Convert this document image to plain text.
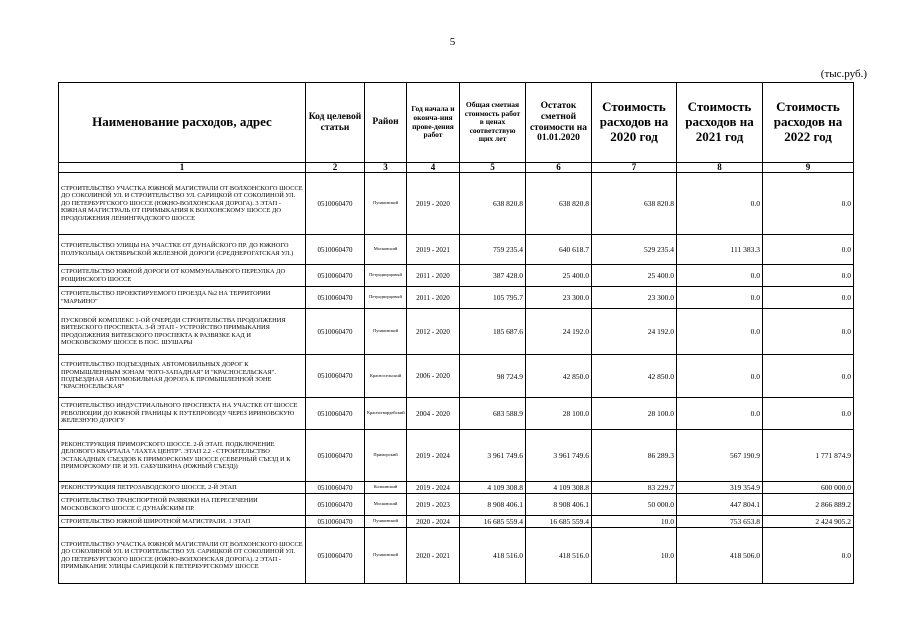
5
(тыс.руб.)
Наименование расходов, адрес	Код целевой статьи	Район	Год начала и оконча-ния прове-дения работ	Общая сметная стоимость работ в ценах соответствую щих лет	Остаток сметной стоимости на 01.01.2020	Стоимость расходов на 2020 год	Стоимость расходов на 2021 год	Стоимость расходов на 2022 год
1	2	3	4	5	6	7	8	9
СТРОИТЕЛЬСТВО УЧАСТКА ЮЖНОЙ МАГИСТРАЛИ ОТ ВОЛХОНСКОГО ШОССЕ ДО СОКОЛИНОЙ УЛ. И СТРОИТЕЛЬСТВО УЛ. САРИЦКОЙ ОТ СОКОЛИНОЙ УЛ. ДО ПЕТЕРБУРГСКОГО ШОССЕ (ЮЖНО-ВОЛХОНСКАЯ ДОРОГА). 3 ЭТАП - ЮЖНАЯ МАГИСТРАЛЬ ОТ ПРИМЫКАНИЯ К ВОЛХОНСКОМУ ШОССЕ ДО ПРОДОЛЖЕНИЯ ЛЕНИНГРАДСКОГО ШОССЕ	0510060470	Пушкинский	2019 - 2020	638 820.8	638 820.8	638 820.8	0.0	0.0
СТРОИТЕЛЬСТВО УЛИЦЫ НА УЧАСТКЕ ОТ ДУНАЙСКОГО ПР. ДО ЮЖНОГО ПОЛУКОЛЬЦА ОКТЯБРЬСКОЙ ЖЕЛЕЗНОЙ ДОРОГИ (СРЕДНЕРОГАТСКАЯ УЛ.)	0510060470	Московский	2019 - 2021	759 235.4	640 618.7	529 235.4	111 383.3	0.0
СТРОИТЕЛЬСТВО ЮЖНОЙ ДОРОГИ ОТ КОММУНАЛЬНОГО ПЕРЕУЛКА ДО РОЩИНСКОГО ШОССЕ	0510060470	Петродворцовый	2011 - 2020	387 428.0	25 400.0	25 400.0	0.0	0.0
СТРОИТЕЛЬСТВО ПРОЕКТИРУЕМОГО ПРОЕЗДА №2 НА ТЕРРИТОРИИ "МАРЬИНО"	0510060470	Петродворцовый	2011 - 2020	105 795.7	23 300.0	23 300.0	0.0	0.0
ПУСКОВОЙ КОМПЛЕКС 1-ОЙ ОЧЕРЕДИ СТРОИТЕЛЬСТВА ПРОДОЛЖЕНИЯ ВИТЕБСКОГО ПРОСПЕКТА. 3-Й ЭТАП - УСТРОЙСТВО ПРИМЫКАНИЯ ПРОДОЛЖЕНИЯ ВИТЕБСКОГО ПРОСПЕКТА К РАЗВЯЗКЕ КАД И МОСКОВСКОМУ ШОССЕ В ПОС. ШУШАРЫ	0510060470	Пушкинский	2012 - 2020	185 687.6	24 192.0	24 192.0	0.0	0.0
СТРОИТЕЛЬСТВО ПОДЪЕЗДНЫХ АВТОМОБИЛЬНЫХ ДОРОГ К ПРОМЫШЛЕННЫМ ЗОНАМ "ЮГО-ЗАПАДНАЯ" И "КРАСНОСЕЛЬСКАЯ". ПОДЪЕЗДНАЯ АВТОМОБИЛЬНАЯ ДОРОГА К ПРОМЫШЛЕННОЙ ЗОНЕ "КРАСНОСЕЛЬСКАЯ"	0510060470	Красносельский	2006 - 2020	98 724.9	42 850.0	42 850.0	0.0	0.0
СТРОИТЕЛЬСТВО ИНДУСТРИАЛЬНОГО ПРОСПЕКТА НА УЧАСТКЕ ОТ ШОССЕ РЕВОЛЮЦИИ ДО ЮЖНОЙ ГРАНИЦЫ К ПУТЕПРОВОДУ ЧЕРЕЗ ИРИНОВСКУЮ ЖЕЛЕЗНУЮ ДОРОГУ	0510060470	Красногвардейский	2004 - 2020	683 588.9	28 100.0	28 100.0	0.0	0.0
РЕКОНСТРУКЦИЯ ПРИМОРСКОГО ШОССЕ. 2-Й ЭТАП. ПОДКЛЮЧЕНИЕ ДЕЛОВОГО КВАРТАЛА "ЛАХТА ЦЕНТР". ЭТАП 2.2 - СТРОИТЕЛЬСТВО ЭСТАКАДНЫХ СЪЕЗДОВ К ПРИМОРСКОМУ ШОССЕ (СЕВЕРНЫЙ СЪЕЗД И К ПРИМОРСКОМУ ПР. И УЛ. САБУШКИНА (ЮЖНЫЙ СЪЕЗД))	0510060470	Приморский	2019 - 2024	3 961 749.6	3 961 749.6	86 289.3	567 190.9	1 771 874.9
РЕКОНСТРУКЦИЯ ПЕТРОЗАВОДСКОГО ШОССЕ. 2-Й ЭТАП	0510060470	Колпинский	2019 - 2024	4 109 308.8	4 109 308.8	83 229.7	319 354.9	600 000.0
СТРОИТЕЛЬСТВО ТРАНСПОРТНОЙ РАЗВЯЗКИ НА ПЕРЕСЕЧЕНИИ МОСКОВСКОГО ШОССЕ С ДУНАЙСКИМ ПР.	0510060470	Московский	2019 - 2023	8 908 406.1	8 908 406.1	50 000.0	447 804.1	2 866 889.2
СТРОИТЕЛЬСТВО ЮЖНОЙ ШИРОТНОЙ МАГИСТРАЛИ. 1 ЭТАП	0510060470	Пушкинский	2020 - 2024	16 685 559.4	16 685 559.4	10.0	753 653.8	2 424 905.2
СТРОИТЕЛЬСТВО УЧАСТКА ЮЖНОЙ МАГИСТРАЛИ ОТ ВОЛХОНСКОГО ШОССЕ ДО СОКОЛИНОЙ УЛ. И СТРОИТЕЛЬСТВО УЛ. САРИЦКОЙ ОТ СОКОЛИНОЙ УЛ. ДО ПЕТЕРБУРГСКОГО ШОССЕ (ЮЖНО-ВОЛХОНСКАЯ ДОРОГА). 2 ЭТАП - ПРИМЫКАНИЕ УЛИЦЫ САРИЦКОЙ К ПЕТЕРБУРГСКОМУ ШОССЕ	0510060470	Пушкинский	2020 - 2021	418 516.0	418 516.0	10.0	418 506.0	0.0
